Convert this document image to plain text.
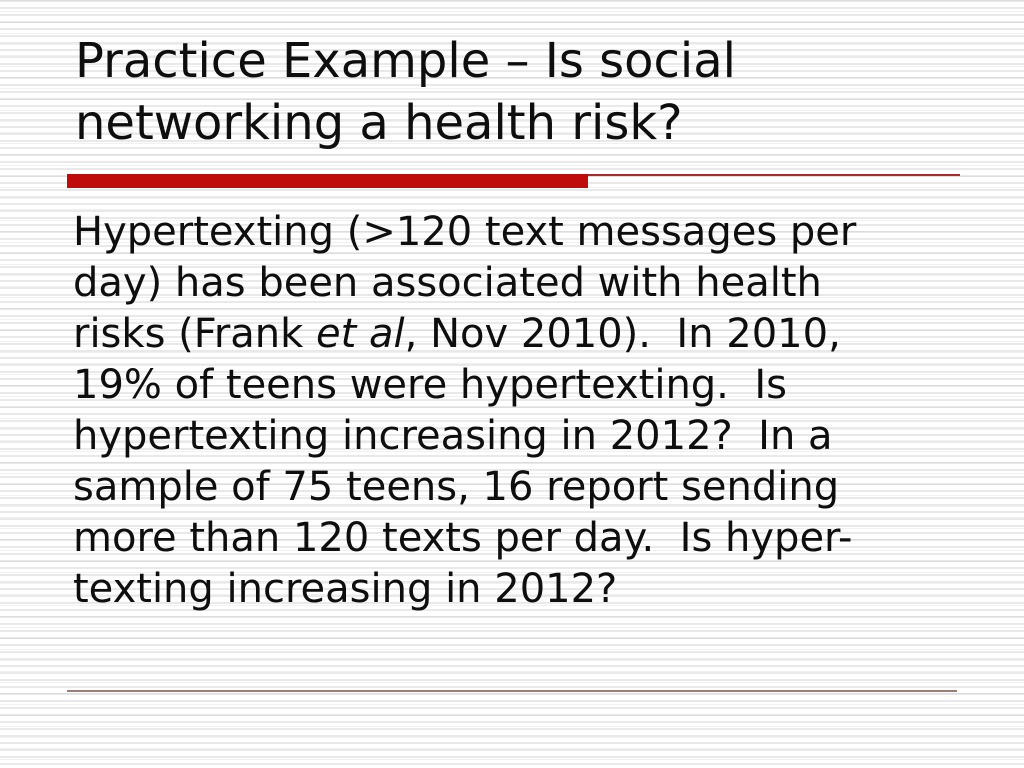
Practice Example – Is social
networking a health risk?
Hypertexting (>120 text messages per
day) has been associated with health
risks (Frank et al, Nov 2010).  In 2010,
19% of teens were hypertexting.  Is
hypertexting increasing in 2012?  In a
sample of 75 teens, 16 report sending
more than 120 texts per day.  Is hyper-
texting increasing in 2012?
